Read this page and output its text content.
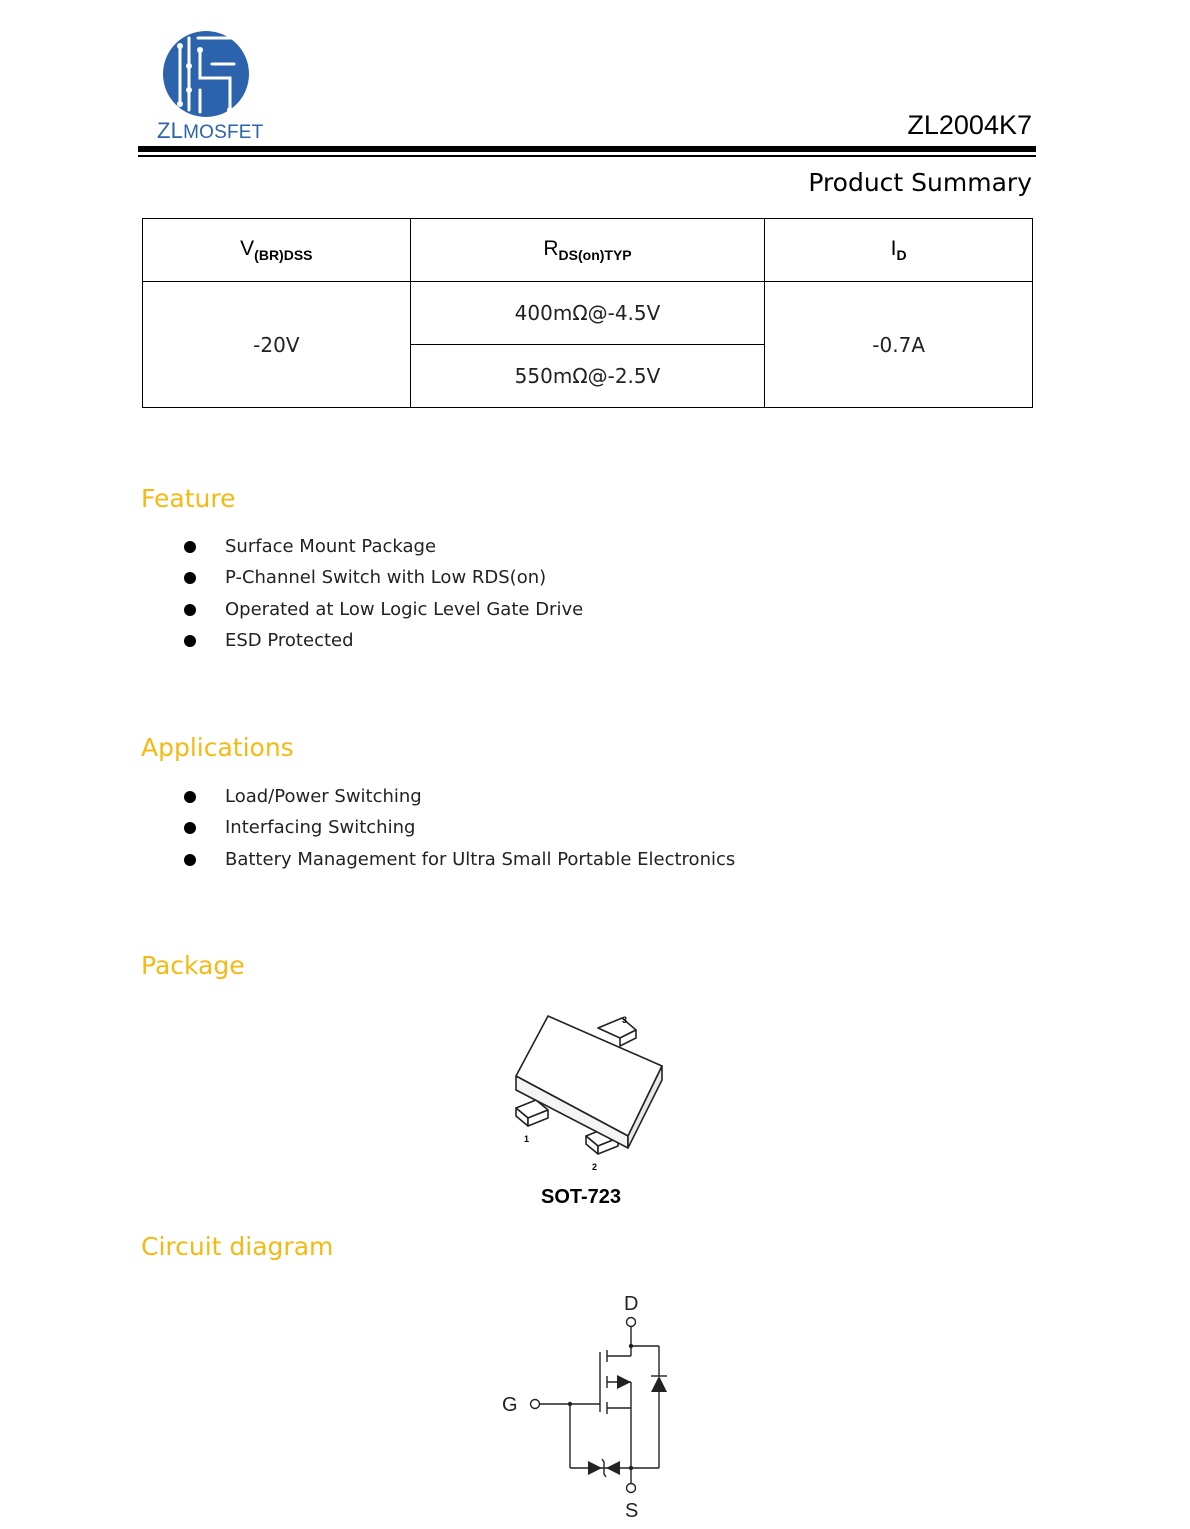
ZLMOSFET	ZL2004K7
Product Summary
$V_{(BR)DSS}$	$R_{DS(on)TYP}$	$I_D$
-20V	400mΩ@-4.5V	-0.7A
	550mΩ@-2.5V	
Feature
Surface Mount Package
P-Channel Switch with Low RDS(on)
Operated at Low Logic Level Gate Drive
ESD Protected
Applications
Load/Power Switching
Interfacing Switching
Battery Management for Ultra Small Portable Electronics
Package
3
1
2
SOT-723
Circuit diagram
D
G
S
